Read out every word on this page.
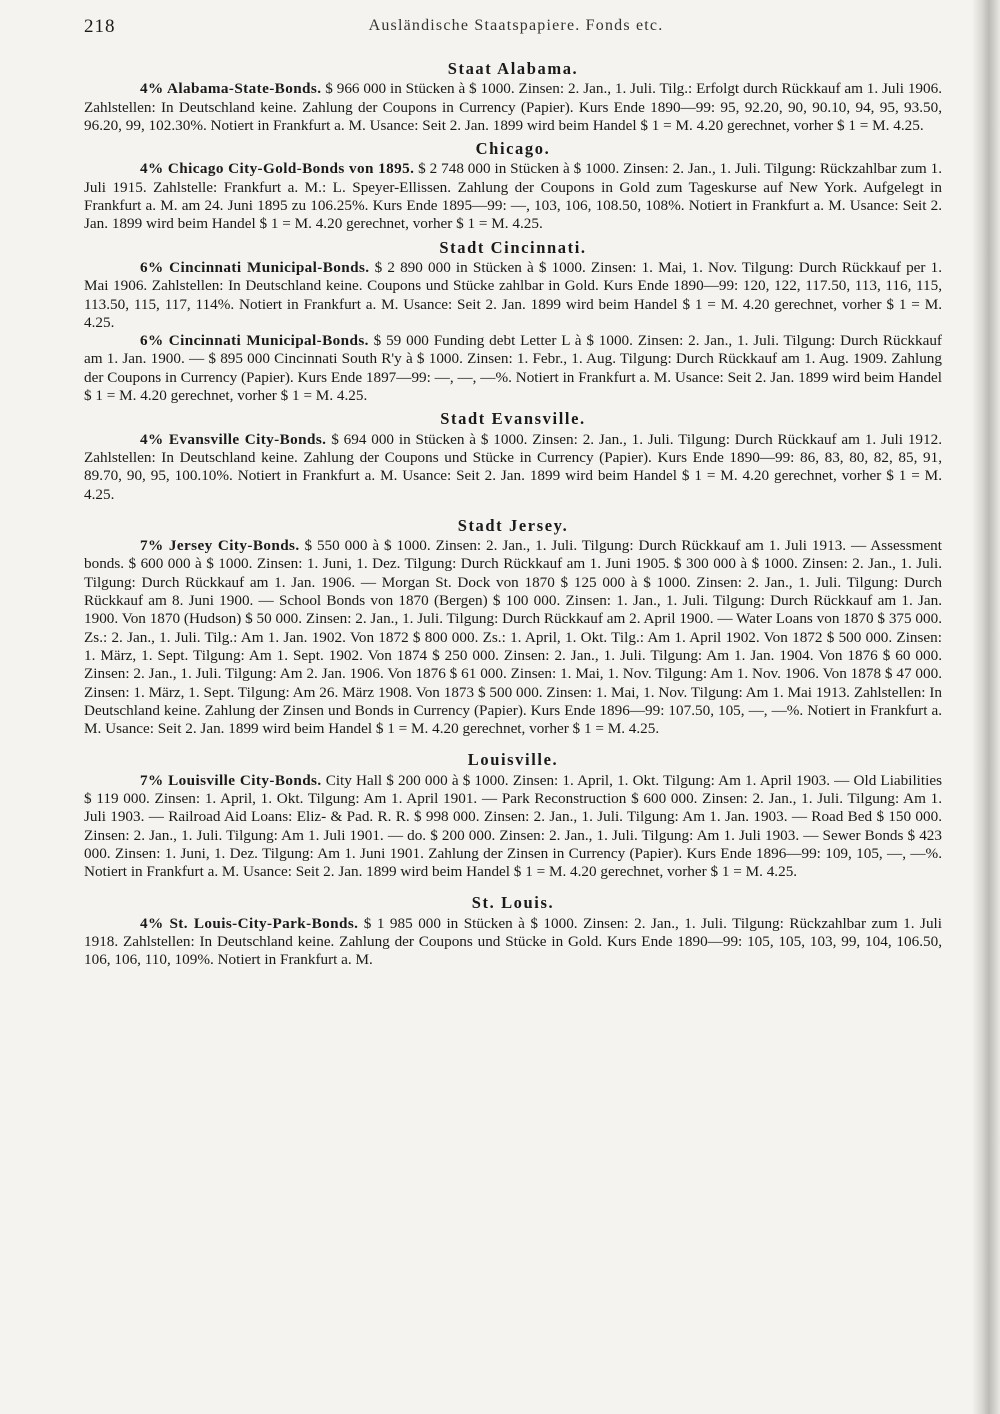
218	Ausländische Staatspapiere. Fonds etc.
Staat Alabama.

4% Alabama-State-Bonds. $ 966 000 in Stücken à $ 1000. Zinsen: 2. Jan., 1. Juli. Tilg.: Erfolgt durch Rückkauf am 1. Juli 1906. Zahlstellen: In Deutschland keine. Zahlung der Coupons in Currency (Papier). Kurs Ende 1890—99: 95, 92.20, 90, 90.10, 94, 95, 93.50, 96.20, 99, 102.30%. Notiert in Frankfurt a. M. Usance: Seit 2. Jan. 1899 wird beim Handel $ 1 = M. 4.20 gerechnet, vorher $ 1 = M. 4.25.

Chicago.

4% Chicago City-Gold-Bonds von 1895. $ 2 748 000 in Stücken à $ 1000. Zinsen: 2. Jan., 1. Juli. Tilgung: Rückzahlbar zum 1. Juli 1915. Zahlstelle: Frankfurt a. M.: L. Speyer-Ellissen. Zahlung der Coupons in Gold zum Tageskurse auf New York. Aufgelegt in Frankfurt a. M. am 24. Juni 1895 zu 106.25%. Kurs Ende 1895—99: —, 103, 106, 108.50, 108%. Notiert in Frankfurt a. M. Usance: Seit 2. Jan. 1899 wird beim Handel $ 1 = M. 4.20 gerechnet, vorher $ 1 = M. 4.25.

Stadt Cincinnati.

6% Cincinnati Municipal-Bonds. $ 2 890 000 in Stücken à $ 1000. Zinsen: 1. Mai, 1. Nov. Tilgung: Durch Rückkauf per 1. Mai 1906. Zahlstellen: In Deutschland keine. Coupons und Stücke zahlbar in Gold. Kurs Ende 1890—99: 120, 122, 117.50, 113, 116, 115, 113.50, 115, 117, 114%. Notiert in Frankfurt a. M. Usance: Seit 2. Jan. 1899 wird beim Handel $ 1 = M. 4.20 gerechnet, vorher $ 1 = M. 4.25.

6% Cincinnati Municipal-Bonds. $ 59 000 Funding debt Letter L à $ 1000. Zinsen: 2. Jan., 1. Juli. Tilgung: Durch Rückkauf am 1. Jan. 1900. — $ 895 000 Cincinnati South R'y à $ 1000. Zinsen: 1. Febr., 1. Aug. Tilgung: Durch Rückkauf am 1. Aug. 1909. Zahlung der Coupons in Currency (Papier). Kurs Ende 1897—99: —, —, —%. Notiert in Frankfurt a. M. Usance: Seit 2. Jan. 1899 wird beim Handel $ 1 = M. 4.20 gerechnet, vorher $ 1 = M. 4.25.

Stadt Evansville.

4% Evansville City-Bonds. $ 694 000 in Stücken à $ 1000. Zinsen: 2. Jan., 1. Juli. Tilgung: Durch Rückkauf am 1. Juli 1912. Zahlstellen: In Deutschland keine. Zahlung der Coupons und Stücke in Currency (Papier). Kurs Ende 1890—99: 86, 83, 80, 82, 85, 91, 89.70, 90, 95, 100.10%. Notiert in Frankfurt a. M. Usance: Seit 2. Jan. 1899 wird beim Handel $ 1 = M. 4.20 gerechnet, vorher $ 1 = M. 4.25.

Stadt Jersey.

7% Jersey City-Bonds. $ 550 000 à $ 1000. Zinsen: 2. Jan., 1. Juli. Tilgung: Durch Rückkauf am 1. Juli 1913. — Assessment bonds. $ 600 000 à $ 1000. Zinsen: 1. Juni, 1. Dez. Tilgung: Durch Rückkauf am 1. Juni 1905. $ 300 000 à $ 1000. Zinsen: 2. Jan., 1. Juli. Tilgung: Durch Rückkauf am 1. Jan. 1906. — Morgan St. Dock von 1870 $ 125 000 à $ 1000. Zinsen: 2. Jan., 1. Juli. Tilgung: Durch Rückkauf am 8. Juni 1900. — School Bonds von 1870 (Bergen) $ 100 000. Zinsen: 1. Jan., 1. Juli. Tilgung: Durch Rückkauf am 1. Jan. 1900. Von 1870 (Hudson) $ 50 000. Zinsen: 2. Jan., 1. Juli. Tilgung: Durch Rückkauf am 2. April 1900. — Water Loans von 1870 $ 375 000. Zs.: 2. Jan., 1. Juli. Tilg.: Am 1. Jan. 1902. Von 1872 $ 800 000. Zs.: 1. April, 1. Okt. Tilg.: Am 1. April 1902. Von 1872 $ 500 000. Zinsen: 1. März, 1. Sept. Tilgung: Am 1. Sept. 1902. Von 1874 $ 250 000. Zinsen: 2. Jan., 1. Juli. Tilgung: Am 1. Jan. 1904. Von 1876 $ 60 000. Zinsen: 2. Jan., 1. Juli. Tilgung: Am 2. Jan. 1906. Von 1876 $ 61 000. Zinsen: 1. Mai, 1. Nov. Tilgung: Am 1. Nov. 1906. Von 1878 $ 47 000. Zinsen: 1. März, 1. Sept. Tilgung: Am 26. März 1908. Von 1873 $ 500 000. Zinsen: 1. Mai, 1. Nov. Tilgung: Am 1. Mai 1913. Zahlstellen: In Deutschland keine. Zahlung der Zinsen und Bonds in Currency (Papier). Kurs Ende 1896—99: 107.50, 105, —, —%. Notiert in Frankfurt a. M. Usance: Seit 2. Jan. 1899 wird beim Handel $ 1 = M. 4.20 gerechnet, vorher $ 1 = M. 4.25.

Louisville.

7% Louisville City-Bonds. City Hall $ 200 000 à $ 1000. Zinsen: 1. April, 1. Okt. Tilgung: Am 1. April 1903. — Old Liabilities $ 119 000. Zinsen: 1. April, 1. Okt. Tilgung: Am 1. April 1901. — Park Reconstruction $ 600 000. Zinsen: 2. Jan., 1. Juli. Tilgung: Am 1. Juli 1903. — Railroad Aid Loans: Eliz- & Pad. R. R. $ 998 000. Zinsen: 2. Jan., 1. Juli. Tilgung: Am 1. Jan. 1903. — Road Bed $ 150 000. Zinsen: 2. Jan., 1. Juli. Tilgung: Am 1. Juli 1901. — do. $ 200 000. Zinsen: 2. Jan., 1. Juli. Tilgung: Am 1. Juli 1903. — Sewer Bonds $ 423 000. Zinsen: 1. Juni, 1. Dez. Tilgung: Am 1. Juni 1901. Zahlung der Zinsen in Currency (Papier). Kurs Ende 1896—99: 109, 105, —, —%. Notiert in Frankfurt a. M. Usance: Seit 2. Jan. 1899 wird beim Handel $ 1 = M. 4.20 gerechnet, vorher $ 1 = M. 4.25.

St. Louis.

4% St. Louis-City-Park-Bonds. $ 1 985 000 in Stücken à $ 1000. Zinsen: 2. Jan., 1. Juli. Tilgung: Rückzahlbar zum 1. Juli 1918. Zahlstellen: In Deutschland keine. Zahlung der Coupons und Stücke in Gold. Kurs Ende 1890—99: 105, 105, 103, 99, 104, 106.50, 106, 106, 110, 109%. Notiert in Frankfurt a. M.
